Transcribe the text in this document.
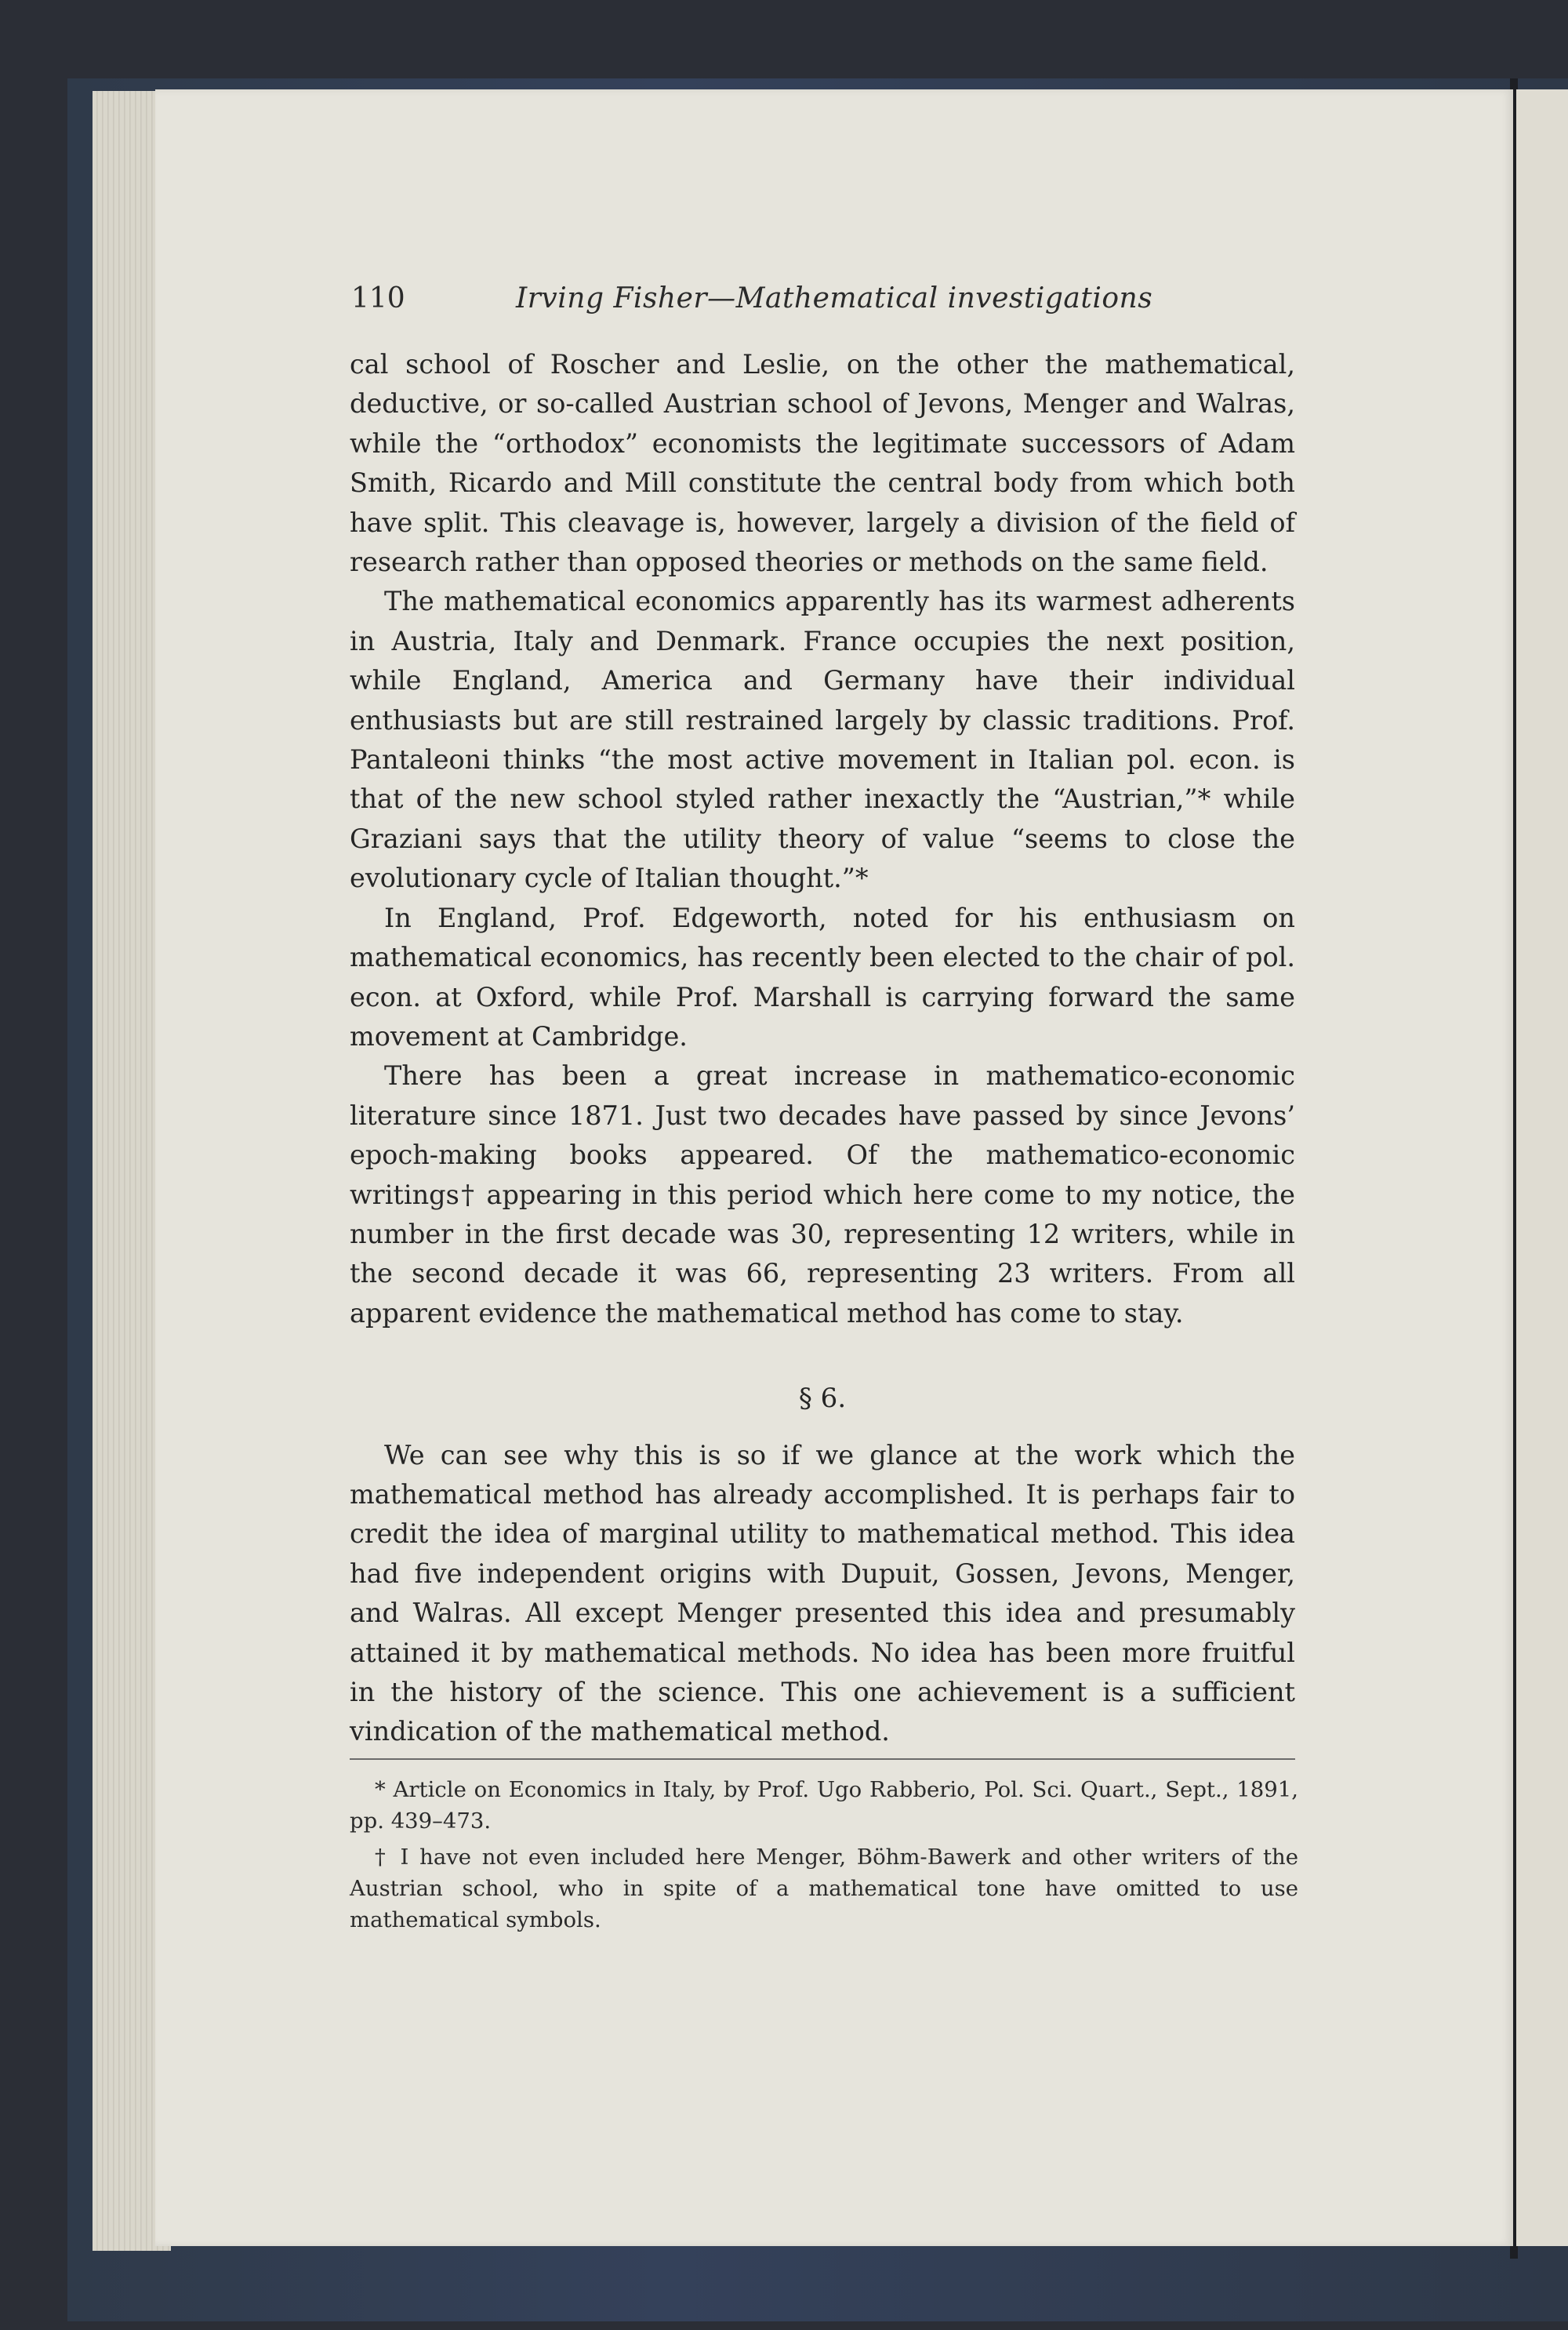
110	Irving Fisher—Mathematical investigations

cal school of Roscher and Leslie, on the other the mathematical, deductive, or so-called Austrian school of Jevons, Menger and Walras, while the “orthodox” economists the legitimate successors of Adam Smith, Ricardo and Mill constitute the central body from which both have split. This cleavage is, however, largely a division of the field of research rather than opposed theories or methods on the same field.

The mathematical economics apparently has its warmest adherents in Austria, Italy and Denmark. France occupies the next position, while England, America and Germany have their individual enthusiasts but are still restrained largely by classic traditions. Prof. Pantaleoni thinks “the most active movement in Italian pol. econ. is that of the new school styled rather inexactly the “Austrian,”* while Graziani says that the utility theory of value “seems to close the evolutionary cycle of Italian thought.”*

In England, Prof. Edgeworth, noted for his enthusiasm on mathematical economics, has recently been elected to the chair of pol. econ. at Oxford, while Prof. Marshall is carrying forward the same movement at Cambridge.

There has been a great increase in mathematico-economic literature since 1871. Just two decades have passed by since Jevons’ epoch-making books appeared. Of the mathematico-economic writings† appearing in this period which here come to my notice, the number in the first decade was 30, representing 12 writers, while in the second decade it was 66, representing 23 writers. From all apparent evidence the mathematical method has come to stay.

§ 6.

We can see why this is so if we glance at the work which the mathematical method has already accomplished. It is perhaps fair to credit the idea of marginal utility to mathematical method. This idea had five independent origins with Dupuit, Gossen, Jevons, Menger, and Walras. All except Menger presented this idea and presumably attained it by mathematical methods. No idea has been more fruitful in the history of the science. This one achievement is a sufficient vindication of the mathematical method.

* Article on Economics in Italy, by Prof. Ugo Rabberio, Pol. Sci. Quart., Sept., 1891, pp. 439–473.

† I have not even included here Menger, Böhm-Bawerk and other writers of the Austrian school, who in spite of a mathematical tone have omitted to use mathematical symbols.
